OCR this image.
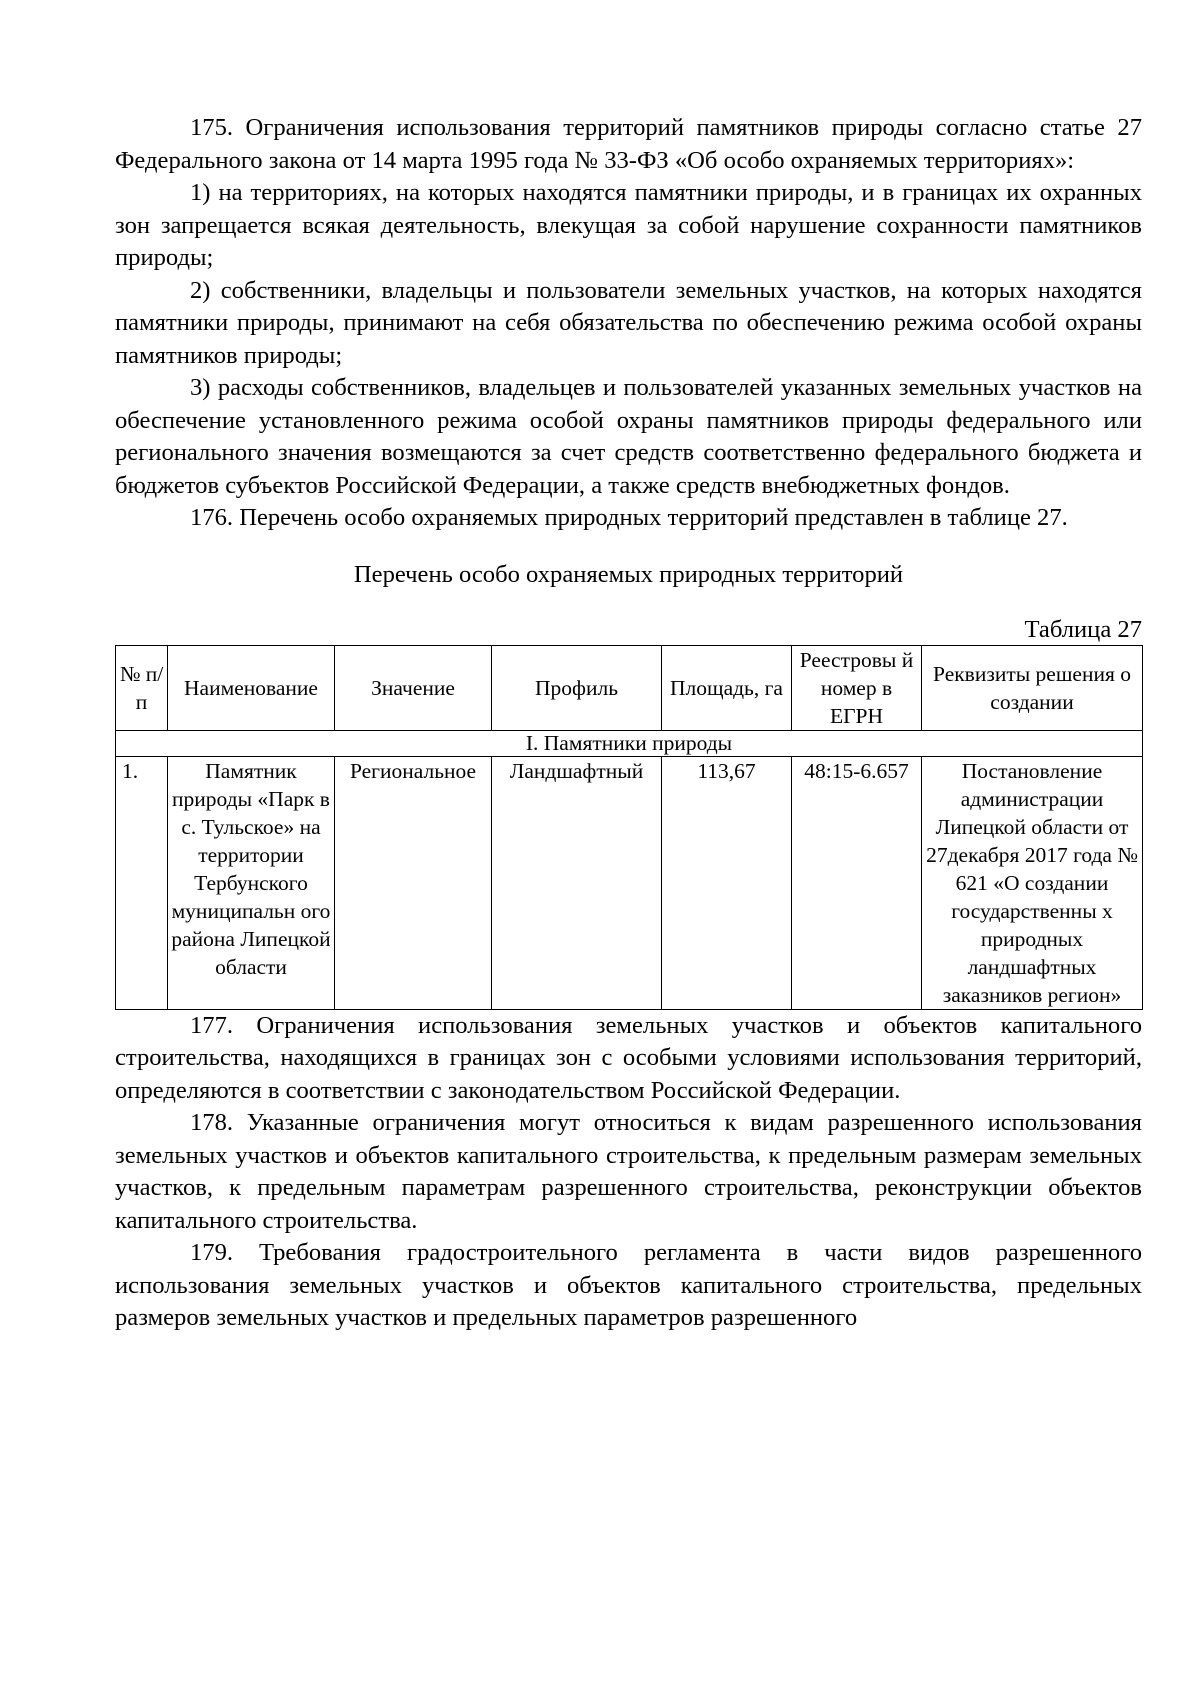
175. Ограничения использования территорий памятников природы согласно статье 27 Федерального закона от 14 марта 1995 года № 33-ФЗ «Об особо охраняемых территориях»:

1) на территориях, на которых находятся памятники природы, и в границах их охранных зон запрещается всякая деятельность, влекущая за собой нарушение сохранности памятников природы;

2) собственники, владельцы и пользователи земельных участков, на которых находятся памятники природы, принимают на себя обязательства по обеспечению режима особой охраны памятников природы;

3) расходы собственников, владельцев и пользователей указанных земельных участков на обеспечение установленного режима особой охраны памятников природы федерального или регионального значения возмещаются за счет средств соответственно федерального бюджета и бюджетов субъектов Российской Федерации, а также средств внебюджетных фондов.

176. Перечень особо охраняемых природных территорий представлен в таблице 27.

Перечень особо охраняемых природных территорий
Таблица 27
№ п/п	Наименование	Значение	Профиль	Площадь, га	Реестровы й номер в ЕГРН	Реквизиты решения о создании
I. Памятники природы						
1.	Памятник природы «Парк в с. Тульское» на территории Тербунского муниципальн ого района Липецкой области	Региональное	Ландшафтный	113,67	48:15-6.657	Постановление администрации Липецкой области от 27декабря 2017 года № 621 «О создании государственны х природных ландшафтных заказников регион»

177. Ограничения использования земельных участков и объектов капитального строительства, находящихся в границах зон с особыми условиями использования территорий, определяются в соответствии с законодательством Российской Федерации.

178. Указанные ограничения могут относиться к видам разрешенного использования земельных участков и объектов капитального строительства, к предельным размерам земельных участков, к предельным параметрам разрешенного строительства, реконструкции объектов капитального строительства.

179. Требования градостроительного регламента в части видов разрешенного использования земельных участков и объектов капитального строительства, предельных размеров земельных участков и предельных параметров разрешенного
